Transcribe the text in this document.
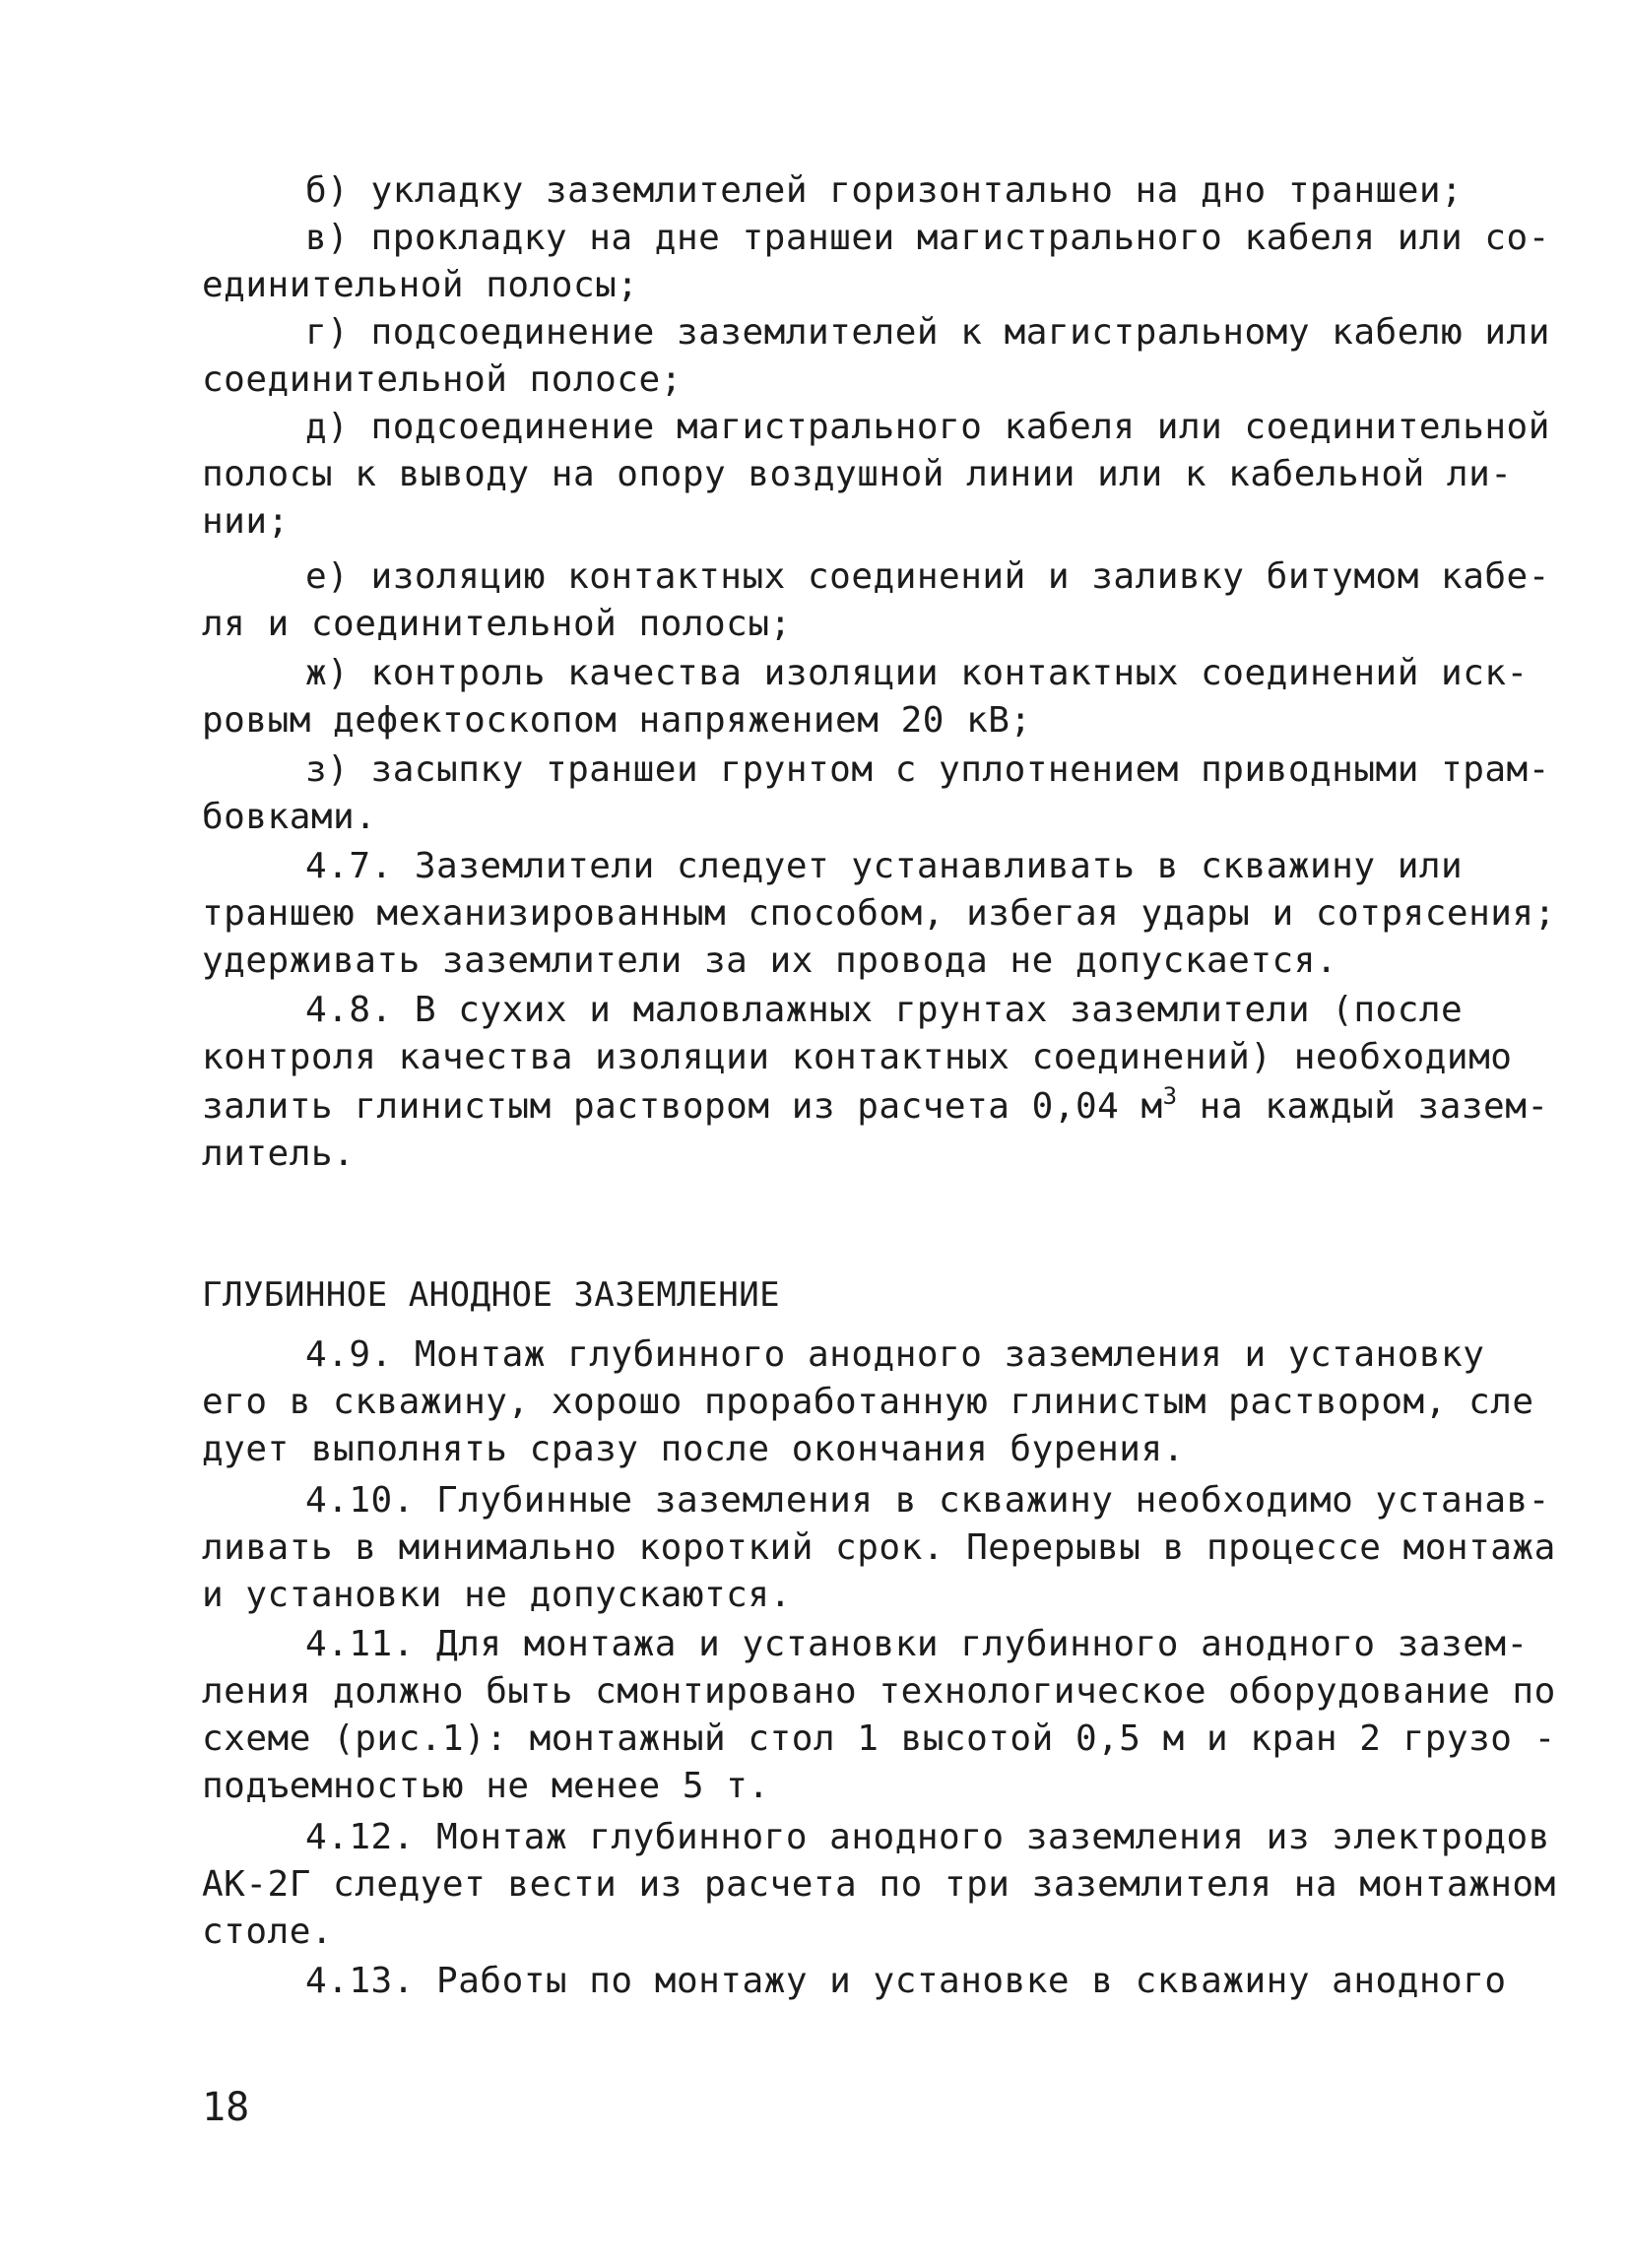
б) укладку заземлителей горизонтально на дно траншеи;

в) прокладку на дне траншеи магистрального кабеля или со-

единительной полосы;

г) подсоединение заземлителей к магистральному кабелю или

соединительной полосе;

д) подсоединение магистрального кабеля или соединительной

полосы к выводу на опору воздушной линии или к кабельной ли-

нии;

е) изоляцию контактных соединений и заливку битумом кабе-

ля и соединительной полосы;

ж) контроль качества изоляции контактных соединений иск-

ровым дефектоскопом напряжением 20 кВ;

з) засыпку траншеи грунтом с уплотнением приводными трам-

бовками.

4.7. Заземлители следует устанавливать в скважину или

траншею механизированным способом, избегая удары и сотрясения;

удерживать заземлители за их провода не допускается.

4.8. В сухих и маловлажных грунтах заземлители (после

контроля качества изоляции контактных соединений) необходимо

залить глинистым раствором из расчета 0,04 $м^3$ на каждый зазем-

литель.

ГЛУБИННОЕ АНОДНОЕ ЗАЗЕМЛЕНИЕ

4.9. Монтаж глубинного анодного заземления и установку

его в скважину, хорошо проработанную глинистым раствором, сле

дует выполнять сразу после окончания бурения.

4.10. Глубинные заземления в скважину необходимо устанав-

ливать в минимально короткий срок. Перерывы в процессе монтажа

и установки не допускаются.

4.11. Для монтажа и установки глубинного анодного зазем-

ления должно быть смонтировано технологическое оборудование по

схеме (рис.1): монтажный стол 1 высотой 0,5 м и кран 2 грузо -

подъемностью не менее 5 т.

4.12. Монтаж глубинного анодного заземления из электродов

АК-2Г следует вести из расчета по три заземлителя на монтажном

столе.

4.13. Работы по монтажу и установке в скважину анодного

18
